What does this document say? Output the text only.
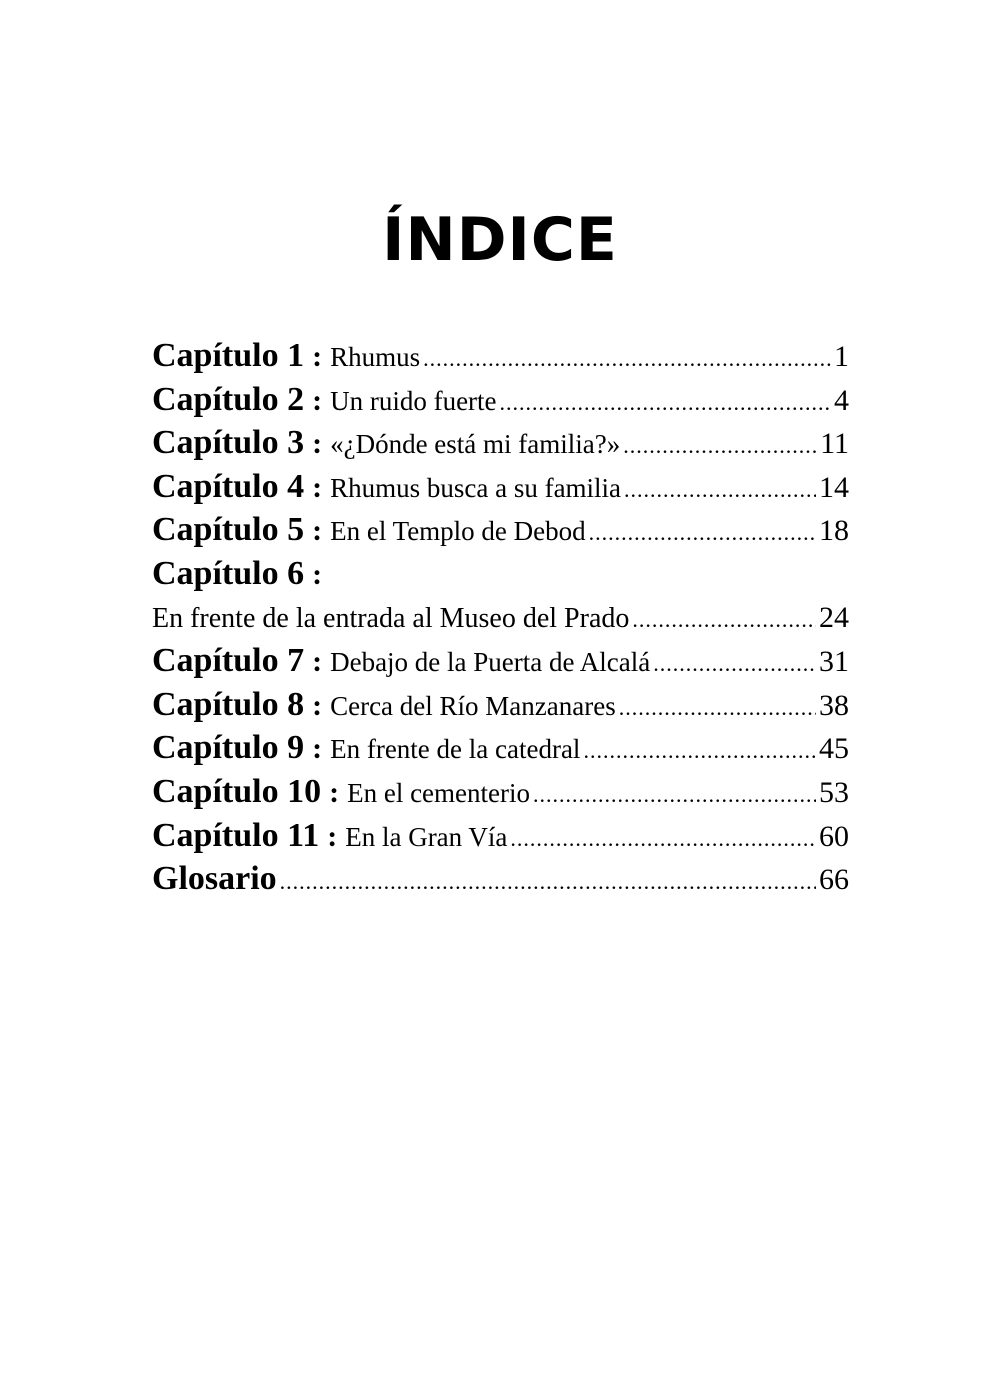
ÍNDICE
Capítulo 1 : Rhumus .....	1
Capítulo 2 : Un ruido fuerte .....	4
Capítulo 3 : «¿Dónde está mi familia?» .....	11
Capítulo 4 : Rhumus busca a su familia .....	14
Capítulo 5 : En el Templo de Debod .....	18
Capítulo 6 :
En frente de la entrada al Museo del Prado .....	24
Capítulo 7 : Debajo de la Puerta de Alcalá .....	31
Capítulo 8 : Cerca del Río Manzanares .....	38
Capítulo 9 : En frente de la catedral .....	45
Capítulo 10 : En el cementerio .....	53
Capítulo 11 : En la Gran Vía .....	60
Glosario .....	66
